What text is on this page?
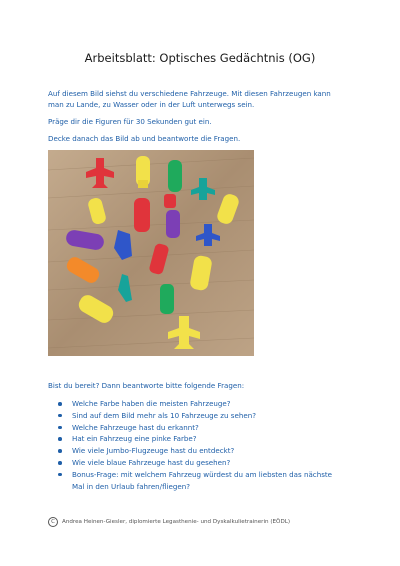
Arbeitsblatt: Optisches Gedächtnis (OG)
Auf diesem Bild siehst du verschiedene Fahrzeuge. Mit diesen Fahrzeugen kann
man zu Lande, zu Wasser oder in der Luft unterwegs sein.
Präge dir die Figuren für 30 Sekunden gut ein.
Decke danach das Bild ab und beantworte die Fragen.
Bist du bereit? Dann beantworte bitte folgende Fragen:
Welche Farbe haben die meisten Fahrzeuge?
Sind auf dem Bild mehr als 10 Fahrzeuge zu sehen?
Welche Fahrzeuge hast du erkannt?
Hat ein Fahrzeug eine pinke Farbe?
Wie viele Jumbo-Flugzeuge hast du entdeckt?
Wie viele blaue Fahrzeuge hast du gesehen?
Bonus-Frage: mit welchem Fahrzeug würdest du am liebsten das nächste
Mal in den Urlaub fahren/fliegen?
C	Andrea Heinen-Giesler, diplomierte Legasthenie- und Dyskalkulietrainerin (EÖDL)
